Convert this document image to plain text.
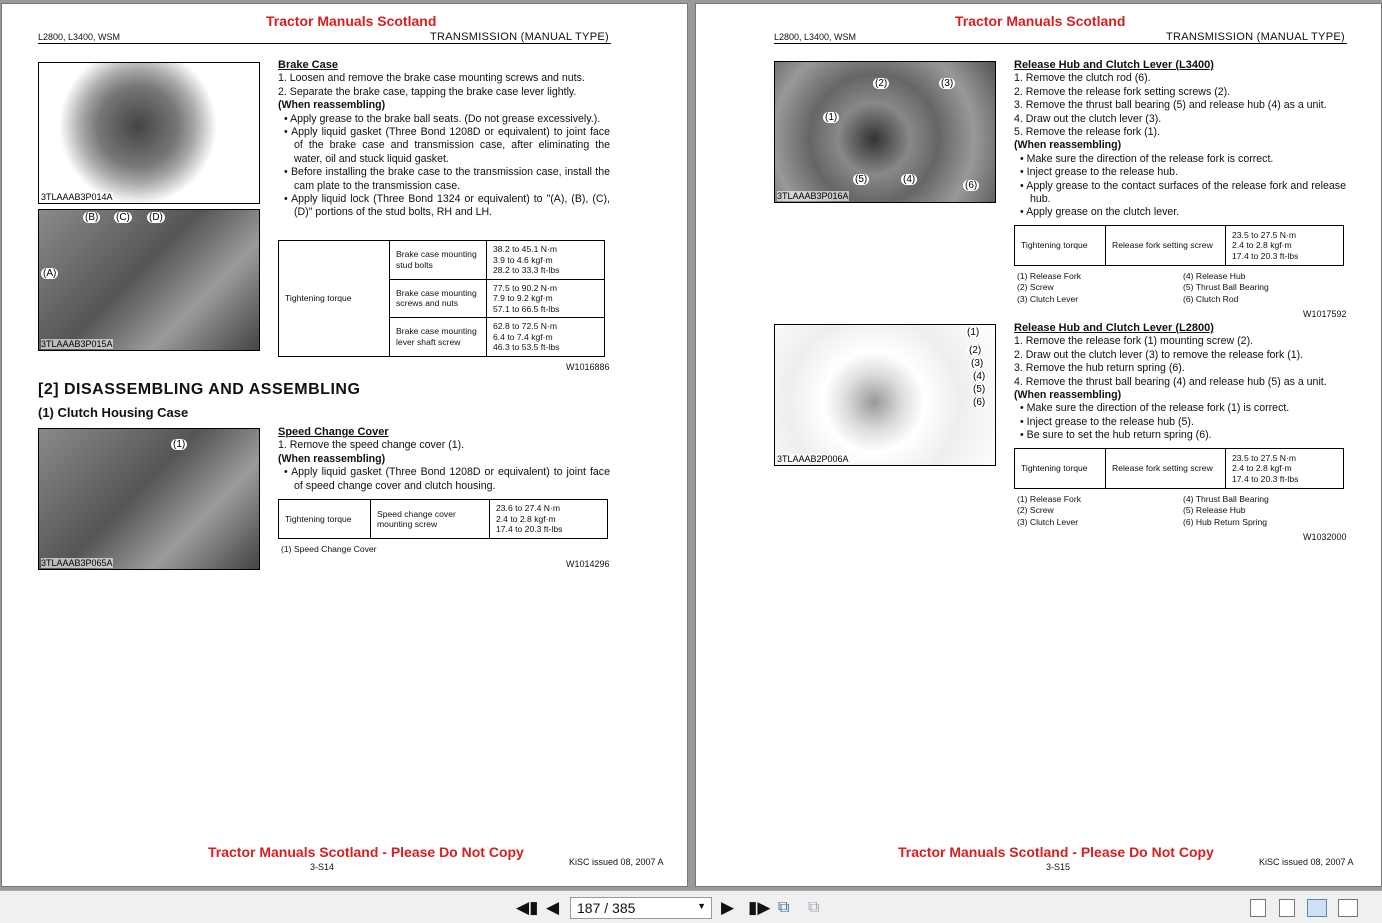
Tractor Manuals Scotland
L2800, L3400, WSM	TRANSMISSION (MANUAL TYPE)
3TLAAAB3P014A
(B) (C) (D)
(A)
3TLAAAB3P015A
Brake Case
1. Loosen and remove the brake case mounting screws and nuts.
2. Separate the brake case, tapping the brake case lever lightly.
(When reassembling)
• Apply grease to the brake ball seats. (Do not grease excessively.).
• Apply liquid gasket (Three Bond 1208D or equivalent) to joint face of the brake case and transmission case, after eliminating the water, oil and stuck liquid gasket.
• Before installing the brake case to the transmission case, install the cam plate to the transmission case.
• Apply liquid lock (Three Bond 1324 or equivalent) to "(A), (B), (C), (D)" portions of the stud bolts, RH and LH.
Tightening torque	Brake case mounting stud bolts	38.2 to 45.1 N·m
3.9 to 4.6 kgf·m
28.2 to 33.3 ft-lbs

	Brake case mounting screws and nuts	77.5 to 90.2 N·m
7.9 to 9.2 kgf·m
57.1 to 66.5 ft-lbs

	Brake case mounting lever shaft screw	62.8 to 72.5 N·m
6.4 to 7.4 kgf·m
46.3 to 53.5 ft-lbs
W1016886
[2] DISASSEMBLING AND ASSEMBLING
(1) Clutch Housing Case
(1)
3TLAAAB3P065A
Speed Change Cover
1. Remove the speed change cover (1).
(When reassembling)
• Apply liquid gasket (Three Bond 1208D or equivalent) to joint face of speed change cover and clutch housing.
Tightening torque	Speed change cover mounting screw	
23.6 to 27.4 N·m
2.4 to 2.8 kgf·m
17.4 to 20.3 ft-lbs
(1) Speed Change Cover
W1014296
Tractor Manuals Scotland - Please Do Not Copy
3-S14	KiSC issued 08, 2007 A
Tractor Manuals Scotland
L2800, L3400, WSM	TRANSMISSION (MANUAL TYPE)
(2)	(3)
(1)
(5)	(4)
(6)
3TLAAAB3P016A
Release Hub and Clutch Lever (L3400)
1. Remove the clutch rod (6).
2. Remove the release fork setting screws (2).
3. Remove the thrust ball bearing (5) and release hub (4) as a unit.
4. Draw out the clutch lever (3).
5. Remove the release fork (1).
(When reassembling)
• Make sure the direction of the release fork is correct.
• Inject grease to the release hub.
• Apply grease to the contact surfaces of the release fork and release hub.
• Apply grease on the clutch lever.
Tightening torque	Release fork setting screw	
23.5 to 27.5 N·m
2.4 to 2.8 kgf·m
17.4 to 20.3 ft-lbs
(1) Release Fork
(2) Screw
(3) Clutch Lever
(4) Release Hub
(5) Thrust Ball Bearing
(6) Clutch Rod
W1017592
(1)
(2)
(3)
(4)
(5)
(6)
3TLAAAB2P006A
Release Hub and Clutch Lever (L2800)
1. Remove the release fork (1) mounting screw (2).
2. Draw out the clutch lever (3) to remove the release fork (1).
3. Remove the hub return spring (6).
4. Remove the thrust ball bearing (4) and release hub (5) as a unit.
(When reassembling)
• Make sure the direction of the release fork (1) is correct.
• Inject grease to the release hub (5).
• Be sure to set the hub return spring (6).
Tightening torque	Release fork setting screw	
23.5 to 27.5 N·m
2.4 to 2.8 kgf·m
17.4 to 20.3 ft-lbs
(1) Release Fork
(2) Screw
(3) Clutch Lever
(4) Thrust Ball Bearing
(5) Release Hub
(6) Hub Return Spring
W1032000
Tractor Manuals Scotland - Please Do Not Copy
3-S15	KiSC issued 08, 2007 A
◀▮ ◀	187 / 385	▼ ▶ ▮▶ ⧉ ⧉
